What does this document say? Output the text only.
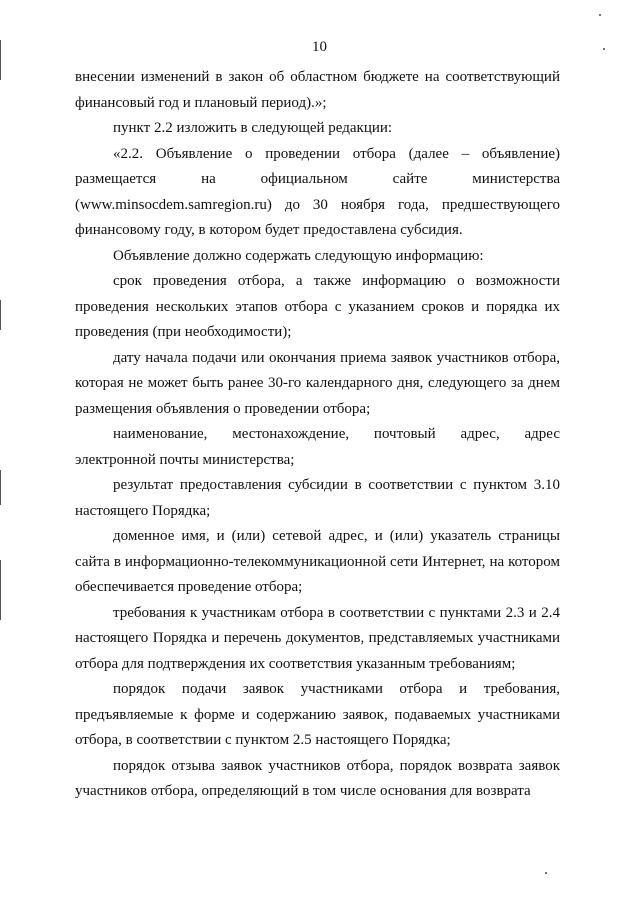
10

внесении изменений в закон об областном бюджете на соответствующий финансовый год и плановый период).»;

пункт 2.2 изложить в следующей редакции:

«2.2. Объявление о проведении отбора (далее – объявление) размещается на официальном сайте министерства (www.minsocdem.samregion.ru) до 30 ноября года, предшествующего финансовому году, в котором будет предоставлена субсидия.

Объявление должно содержать следующую информацию:

срок проведения отбора, а также информацию о возможности проведения нескольких этапов отбора с указанием сроков и порядка их проведения (при необходимости);

дату начала подачи или окончания приема заявок участников отбора, которая не может быть ранее 30-го календарного дня, следующего за днем размещения объявления о проведении отбора;

наименование, местонахождение, почтовый адрес, адрес электронной почты министерства;

результат предоставления субсидии в соответствии с пунктом 3.10 настоящего Порядка;

доменное имя, и (или) сетевой адрес, и (или) указатель страницы сайта в информационно-телекоммуникационной сети Интернет, на котором обеспечивается проведение отбора;

требования к участникам отбора в соответствии с пунктами 2.3 и 2.4 настоящего Порядка и перечень документов, представляемых участниками отбора для подтверждения их соответствия указанным требованиям;

порядок подачи заявок участниками отбора и требования, предъявляемые к форме и содержанию заявок, подаваемых участниками отбора, в соответствии с пунктом 2.5 настоящего Порядка;

порядок отзыва заявок участников отбора, порядок возврата заявок участников отбора, определяющий в том числе основания для возврата
